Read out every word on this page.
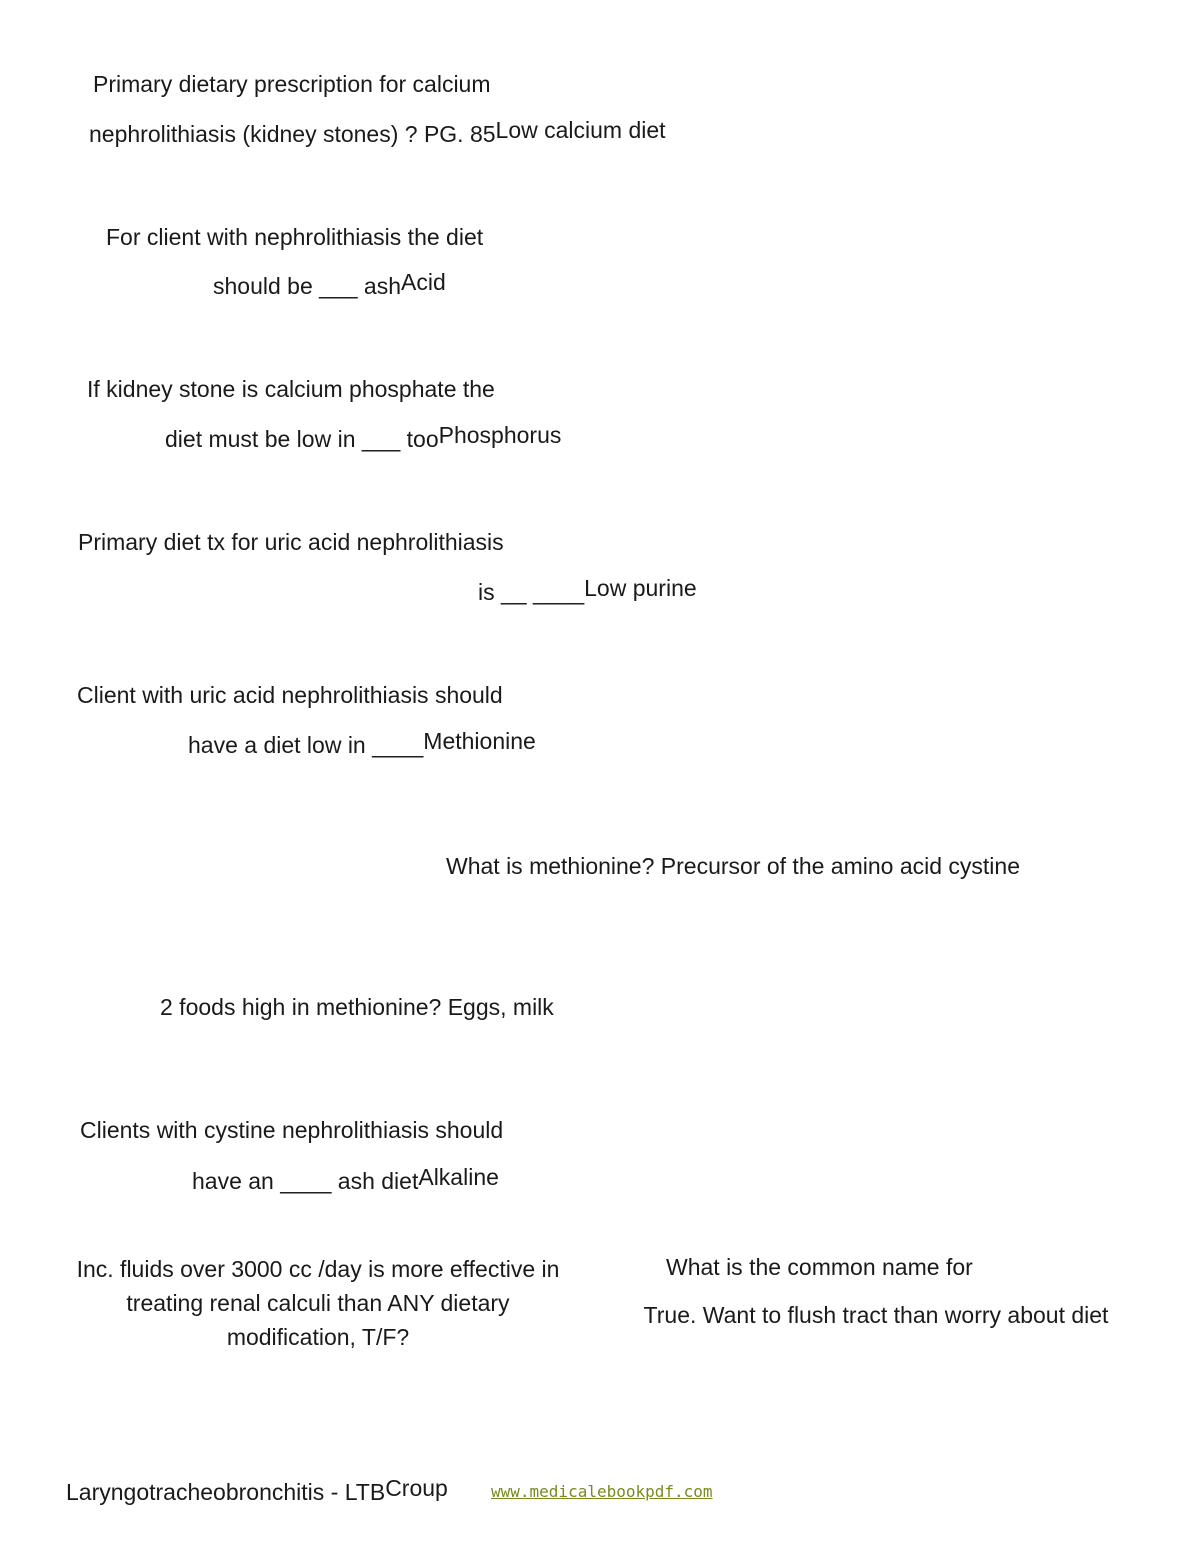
Primary dietary prescription for calcium
nephrolithiasis (kidney stones) ? PG. 85Low calcium diet
For client with nephrolithiasis the diet
should be ___ ashAcid
If kidney stone is calcium phosphate the
diet must be low in ___ tooPhosphorus
Primary diet tx for uric acid nephrolithiasis
is __ ____Low purine
Client with uric acid nephrolithiasis should
have a diet low in ____Methionine
What is methionine? Precursor of the amino acid cystine
2 foods high in methionine? Eggs, milk
Clients with cystine nephrolithiasis should
have an ____ ash dietAlkaline
Inc. fluids over 3000 cc /day is more effective in treating renal calculi than ANY dietary modification, T/F?
What is the common name for
True. Want to flush tract than worry about diet
Laryngotracheobronchitis - LTBCroup	www.medicalebookpdf.com
